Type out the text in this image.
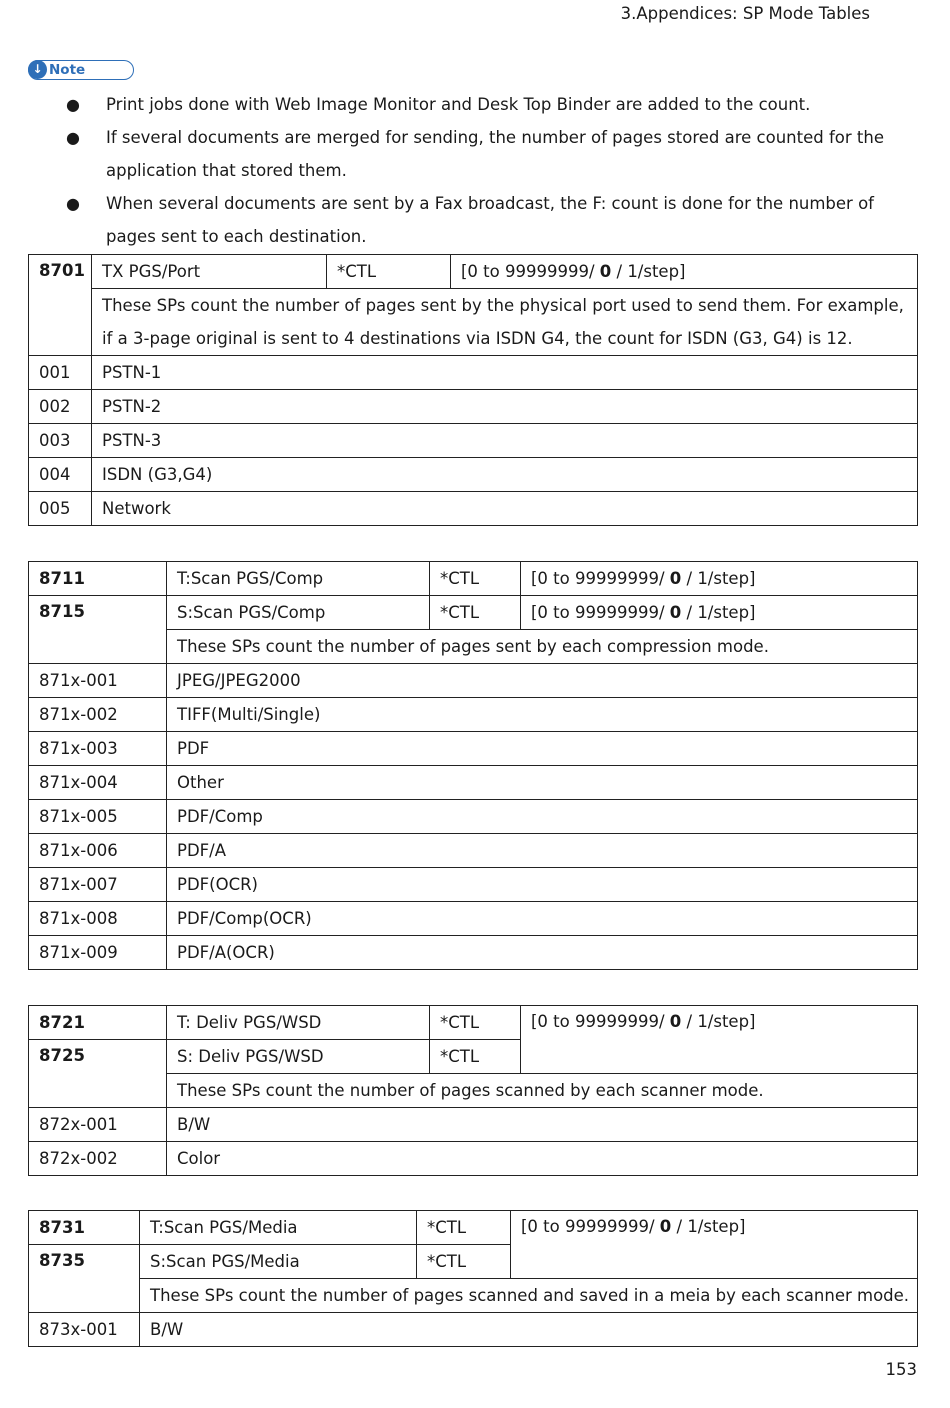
3.Appendices: SP Mode Tables
↓ Note
● Print jobs done with Web Image Monitor and Desk Top Binder are added to the count.
● If several documents are merged for sending, the number of pages stored are counted for the application that stored them.
● When several documents are sent by a Fax broadcast, the F: count is done for the number of pages sent to each destination.
8701	TX PGS/Port	*CTL	[0 to 99999999/ 0 / 1/step]
	These SPs count the number of pages sent by the physical port used to send them. For example, if a 3-page original is sent to 4 destinations via ISDN G4, the count for ISDN (G3, G4) is 12.		
001	PSTN-1		
002	PSTN-2		
003	PSTN-3		
004	ISDN (G3,G4)		
005	Network		
8711	T:Scan PGS/Comp	*CTL	[0 to 99999999/ 0 / 1/step]
8715	S:Scan PGS/Comp	*CTL	[0 to 99999999/ 0 / 1/step]
	These SPs count the number of pages sent by each compression mode.		
871x-001	JPEG/JPEG2000		
871x-002	TIFF(Multi/Single)		
871x-003	PDF		
871x-004	Other		
871x-005	PDF/Comp		
871x-006	PDF/A		
871x-007	PDF(OCR)		
871x-008	PDF/Comp(OCR)		
871x-009	PDF/A(OCR)		
8721	T: Deliv PGS/WSD	*CTL	[0 to 99999999/ 0 / 1/step]
8725	S: Deliv PGS/WSD	*CTL	
	These SPs count the number of pages scanned by each scanner mode.		
872x-001	B/W		
872x-002	Color		
8731	T:Scan PGS/Media	*CTL	[0 to 99999999/ 0 / 1/step]
8735	S:Scan PGS/Media	*CTL	
	These SPs count the number of pages scanned and saved in a meia by each scanner mode.		
873x-001	B/W		
153
